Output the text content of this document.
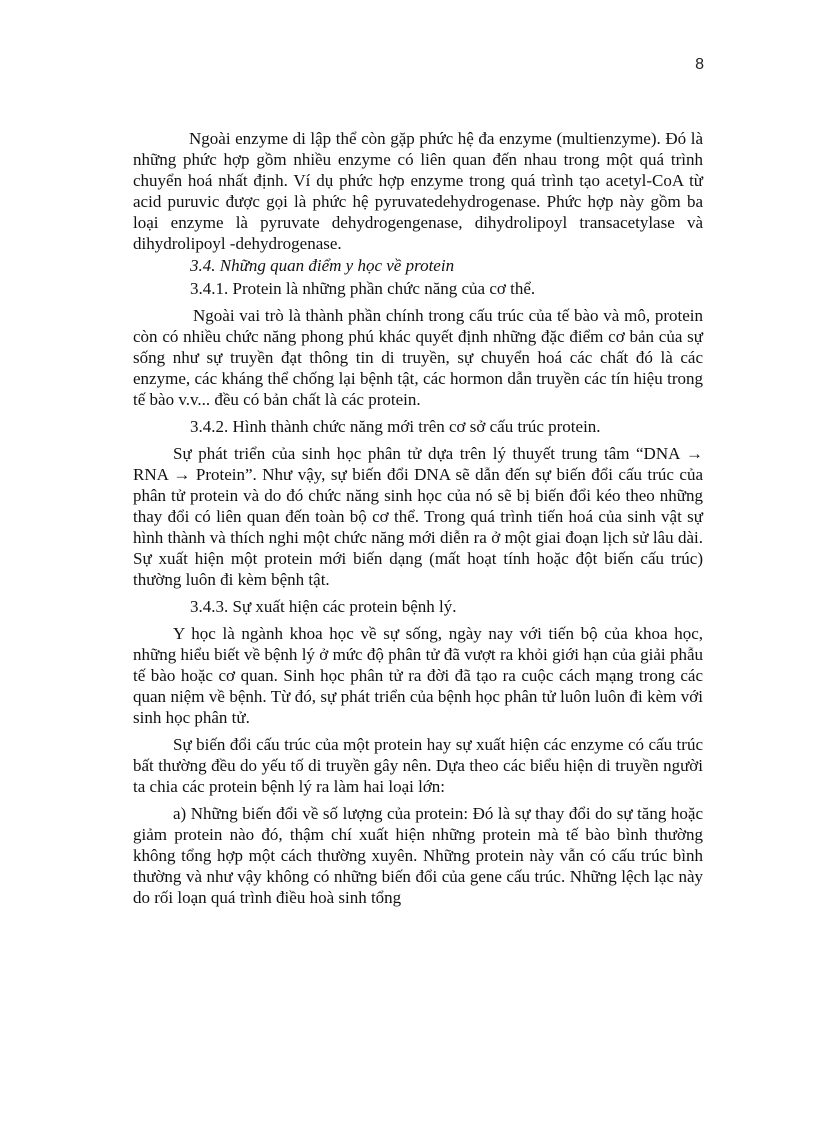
8

Ngoài enzyme di lập thể còn gặp phức hệ đa enzyme (multienzyme). Đó là những phức hợp gồm nhiều enzyme có liên quan đến nhau trong một quá trình chuyển hoá nhất định. Ví dụ phức hợp enzyme trong quá trình tạo acetyl-CoA từ acid puruvic được gọi là phức hệ pyruvatedehydrogenase. Phức hợp này gồm ba loại enzyme là pyruvate dehydrogengenase, dihydrolipoyl transacetylase và dihydrolipoyl -dehydrogenase.

3.4. Những quan điểm y học về protein

3.4.1. Protein là những phần chức năng của cơ thể.

Ngoài vai trò là thành phần chính trong cấu trúc của tế bào và mô, protein còn có nhiều chức năng phong phú khác quyết định những đặc điểm cơ bản của sự sống như sự truyền đạt thông tin di truyền, sự chuyển hoá các chất đó là các enzyme, các kháng thể chống lại bệnh tật, các hormon dẫn truyền các tín hiệu trong tế bào v.v... đều có bản chất là các protein.

3.4.2. Hình thành chức năng mới trên cơ sở cấu trúc protein.

Sự phát triển của sinh học phân tử dựa trên lý thuyết trung tâm “DNA → RNA → Protein”. Như vậy, sự biến đổi DNA sẽ dẫn đến sự biến đổi cấu trúc của phân tử protein và do đó chức năng sinh học của nó sẽ bị biến đổi kéo theo những thay đổi có liên quan đến toàn bộ cơ thể. Trong quá trình tiến hoá của sinh vật sự hình thành và thích nghi một chức năng mới diễn ra ở một giai đoạn lịch sử lâu dài. Sự xuất hiện một protein mới biến dạng (mất hoạt tính hoặc đột biến cấu trúc) thường luôn đi kèm bệnh tật.

3.4.3. Sự xuất hiện các protein bệnh lý.

Y học là ngành khoa học về sự sống, ngày nay với tiến bộ của khoa học, những hiểu biết về bệnh lý ở mức độ phân tử đã vượt ra khỏi giới hạn của giải phẫu tế bào hoặc cơ quan. Sinh học phân tử ra đời đã tạo ra cuộc cách mạng trong các quan niệm về bệnh. Từ đó, sự phát triển của bệnh học phân tử luôn luôn đi kèm với sinh học phân tử.

Sự biến đổi cấu trúc của một protein hay sự xuất hiện các enzyme có cấu trúc bất thường đều do yếu tố di truyền gây nên. Dựa theo các biểu hiện di truyền người ta chia các protein bệnh lý ra làm hai loại lớn:

a) Những biến đổi về số lượng của protein: Đó là sự thay đổi do sự tăng hoặc giảm protein nào đó, thậm chí xuất hiện những protein mà tế bào bình thường không tổng hợp một cách thường xuyên. Những protein này vẫn có cấu trúc bình thường và như vậy không có những biến đổi của gene cấu trúc. Những lệch lạc này do rối loạn quá trình điều hoà sinh tổng
